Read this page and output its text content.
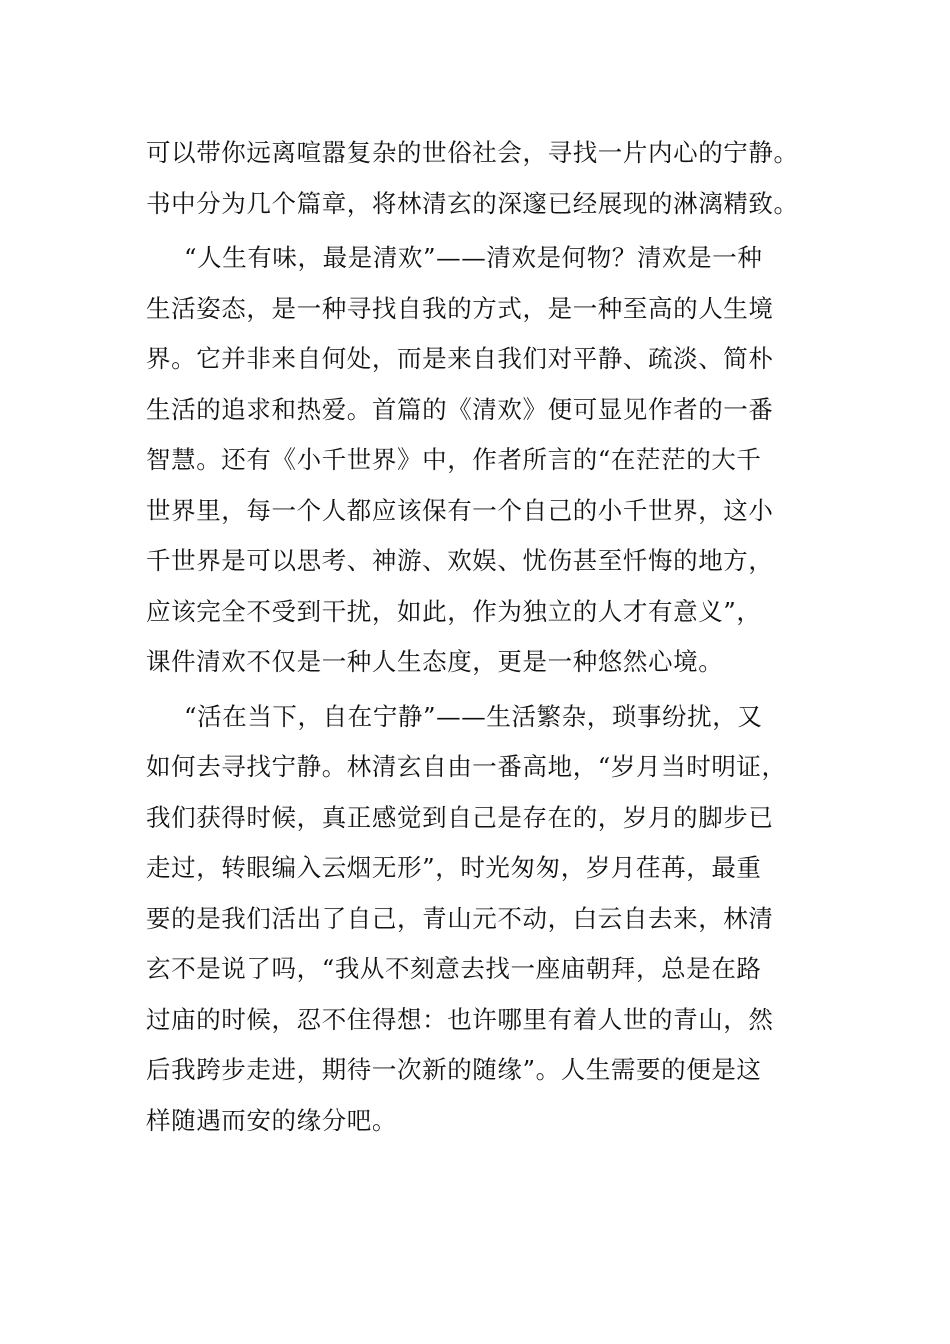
可以带你远离喧嚣复杂的世俗社会，寻找一片内心的宁静。
书中分为几个篇章，将林清玄的深邃已经展现的淋漓精致。
“人生有味，最是清欢”——清欢是何物？清欢是一种
生活姿态，是一种寻找自我的方式，是一种至高的人生境
界。它并非来自何处，而是来自我们对平静、疏淡、简朴
生活的追求和热爱。首篇的《清欢》便可显见作者的一番
智慧。还有《小千世界》中，作者所言的“在茫茫的大千
世界里，每一个人都应该保有一个自己的小千世界，这小
千世界是可以思考、神游、欢娱、忧伤甚至忏悔的地方，
应该完全不受到干扰，如此，作为独立的人才有意义”，
课件清欢不仅是一种人生态度，更是一种悠然心境。
“活在当下，自在宁静”——生活繁杂，琐事纷扰，又
如何去寻找宁静。林清玄自由一番高地，“岁月当时明证，
我们获得时候，真正感觉到自己是存在的，岁月的脚步已
走过，转眼编入云烟无形”，时光匆匆，岁月荏苒，最重
要的是我们活出了自己，青山元不动，白云自去来，林清
玄不是说了吗，“我从不刻意去找一座庙朝拜，总是在路
过庙的时候，忍不住得想：也许哪里有着人世的青山，然
后我跨步走进，期待一次新的随缘”。人生需要的便是这
样随遇而安的缘分吧。
